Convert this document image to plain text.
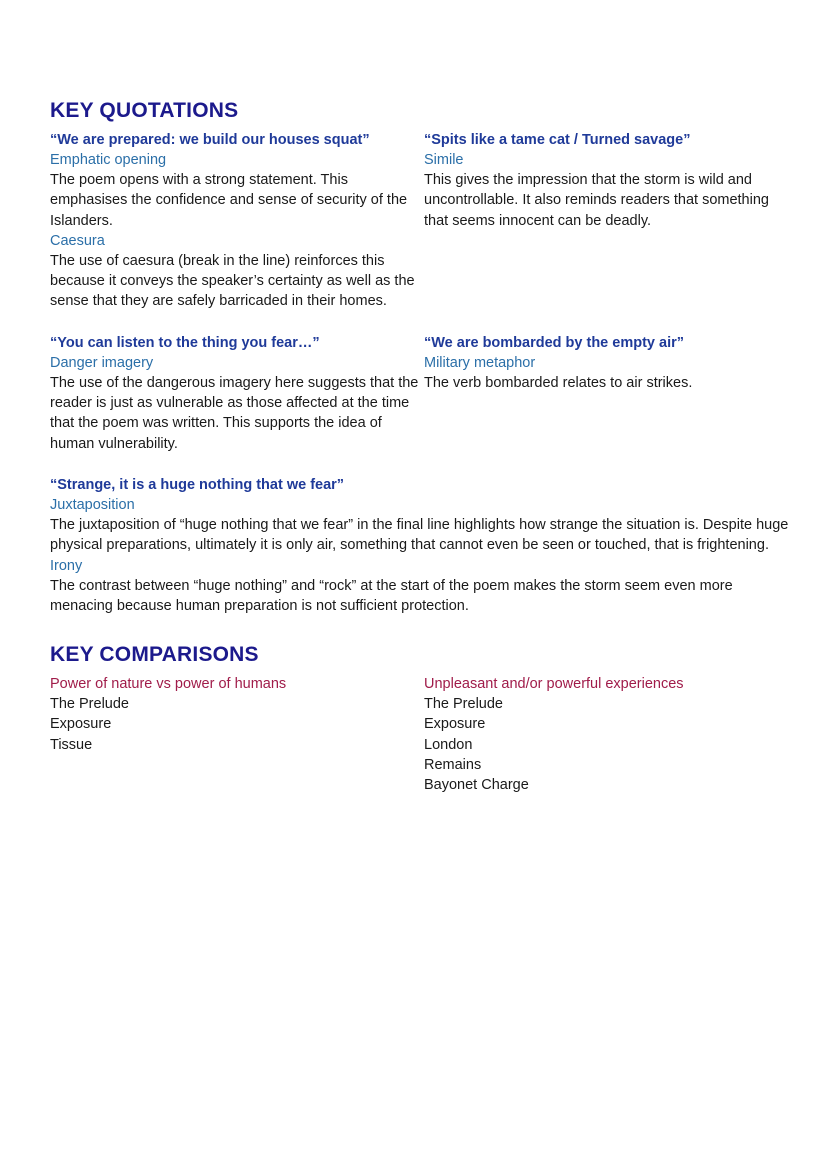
KEY QUOTATIONS

“We are prepared: we build our houses squat”

Emphatic opening

The poem opens with a strong statement. This emphasises the confidence and sense of security of the Islanders.

Caesura

The use of caesura (break in the line) reinforces this because it conveys the speaker’s certainty as well as the sense that they are safely barricaded in their homes.

“Spits like a tame cat / Turned savage”

Simile

This gives the impression that the storm is wild and uncontrollable. It also reminds readers that something that seems innocent can be deadly.

“You can listen to the thing you fear…”

Danger imagery

The use of the dangerous imagery here suggests that the reader is just as vulnerable as those affected at the time that the poem was written. This supports the idea of human vulnerability.

“We are bombarded by the empty air”

Military metaphor

The verb bombarded relates to air strikes.

“Strange, it is a huge nothing that we fear”

Juxtaposition

The juxtaposition of “huge nothing that we fear” in the final line highlights how strange the situation is. Despite huge physical preparations, ultimately it is only air, something that cannot even be seen or touched, that is frightening.

Irony

The contrast between “huge nothing” and “rock” at the start of the poem makes the storm seem even more menacing because human preparation is not sufficient protection.

KEY COMPARISONS

Power of nature vs power of humans

The Prelude

Exposure

Tissue

Unpleasant and/or powerful experiences

The Prelude

Exposure

London

Remains

Bayonet Charge
